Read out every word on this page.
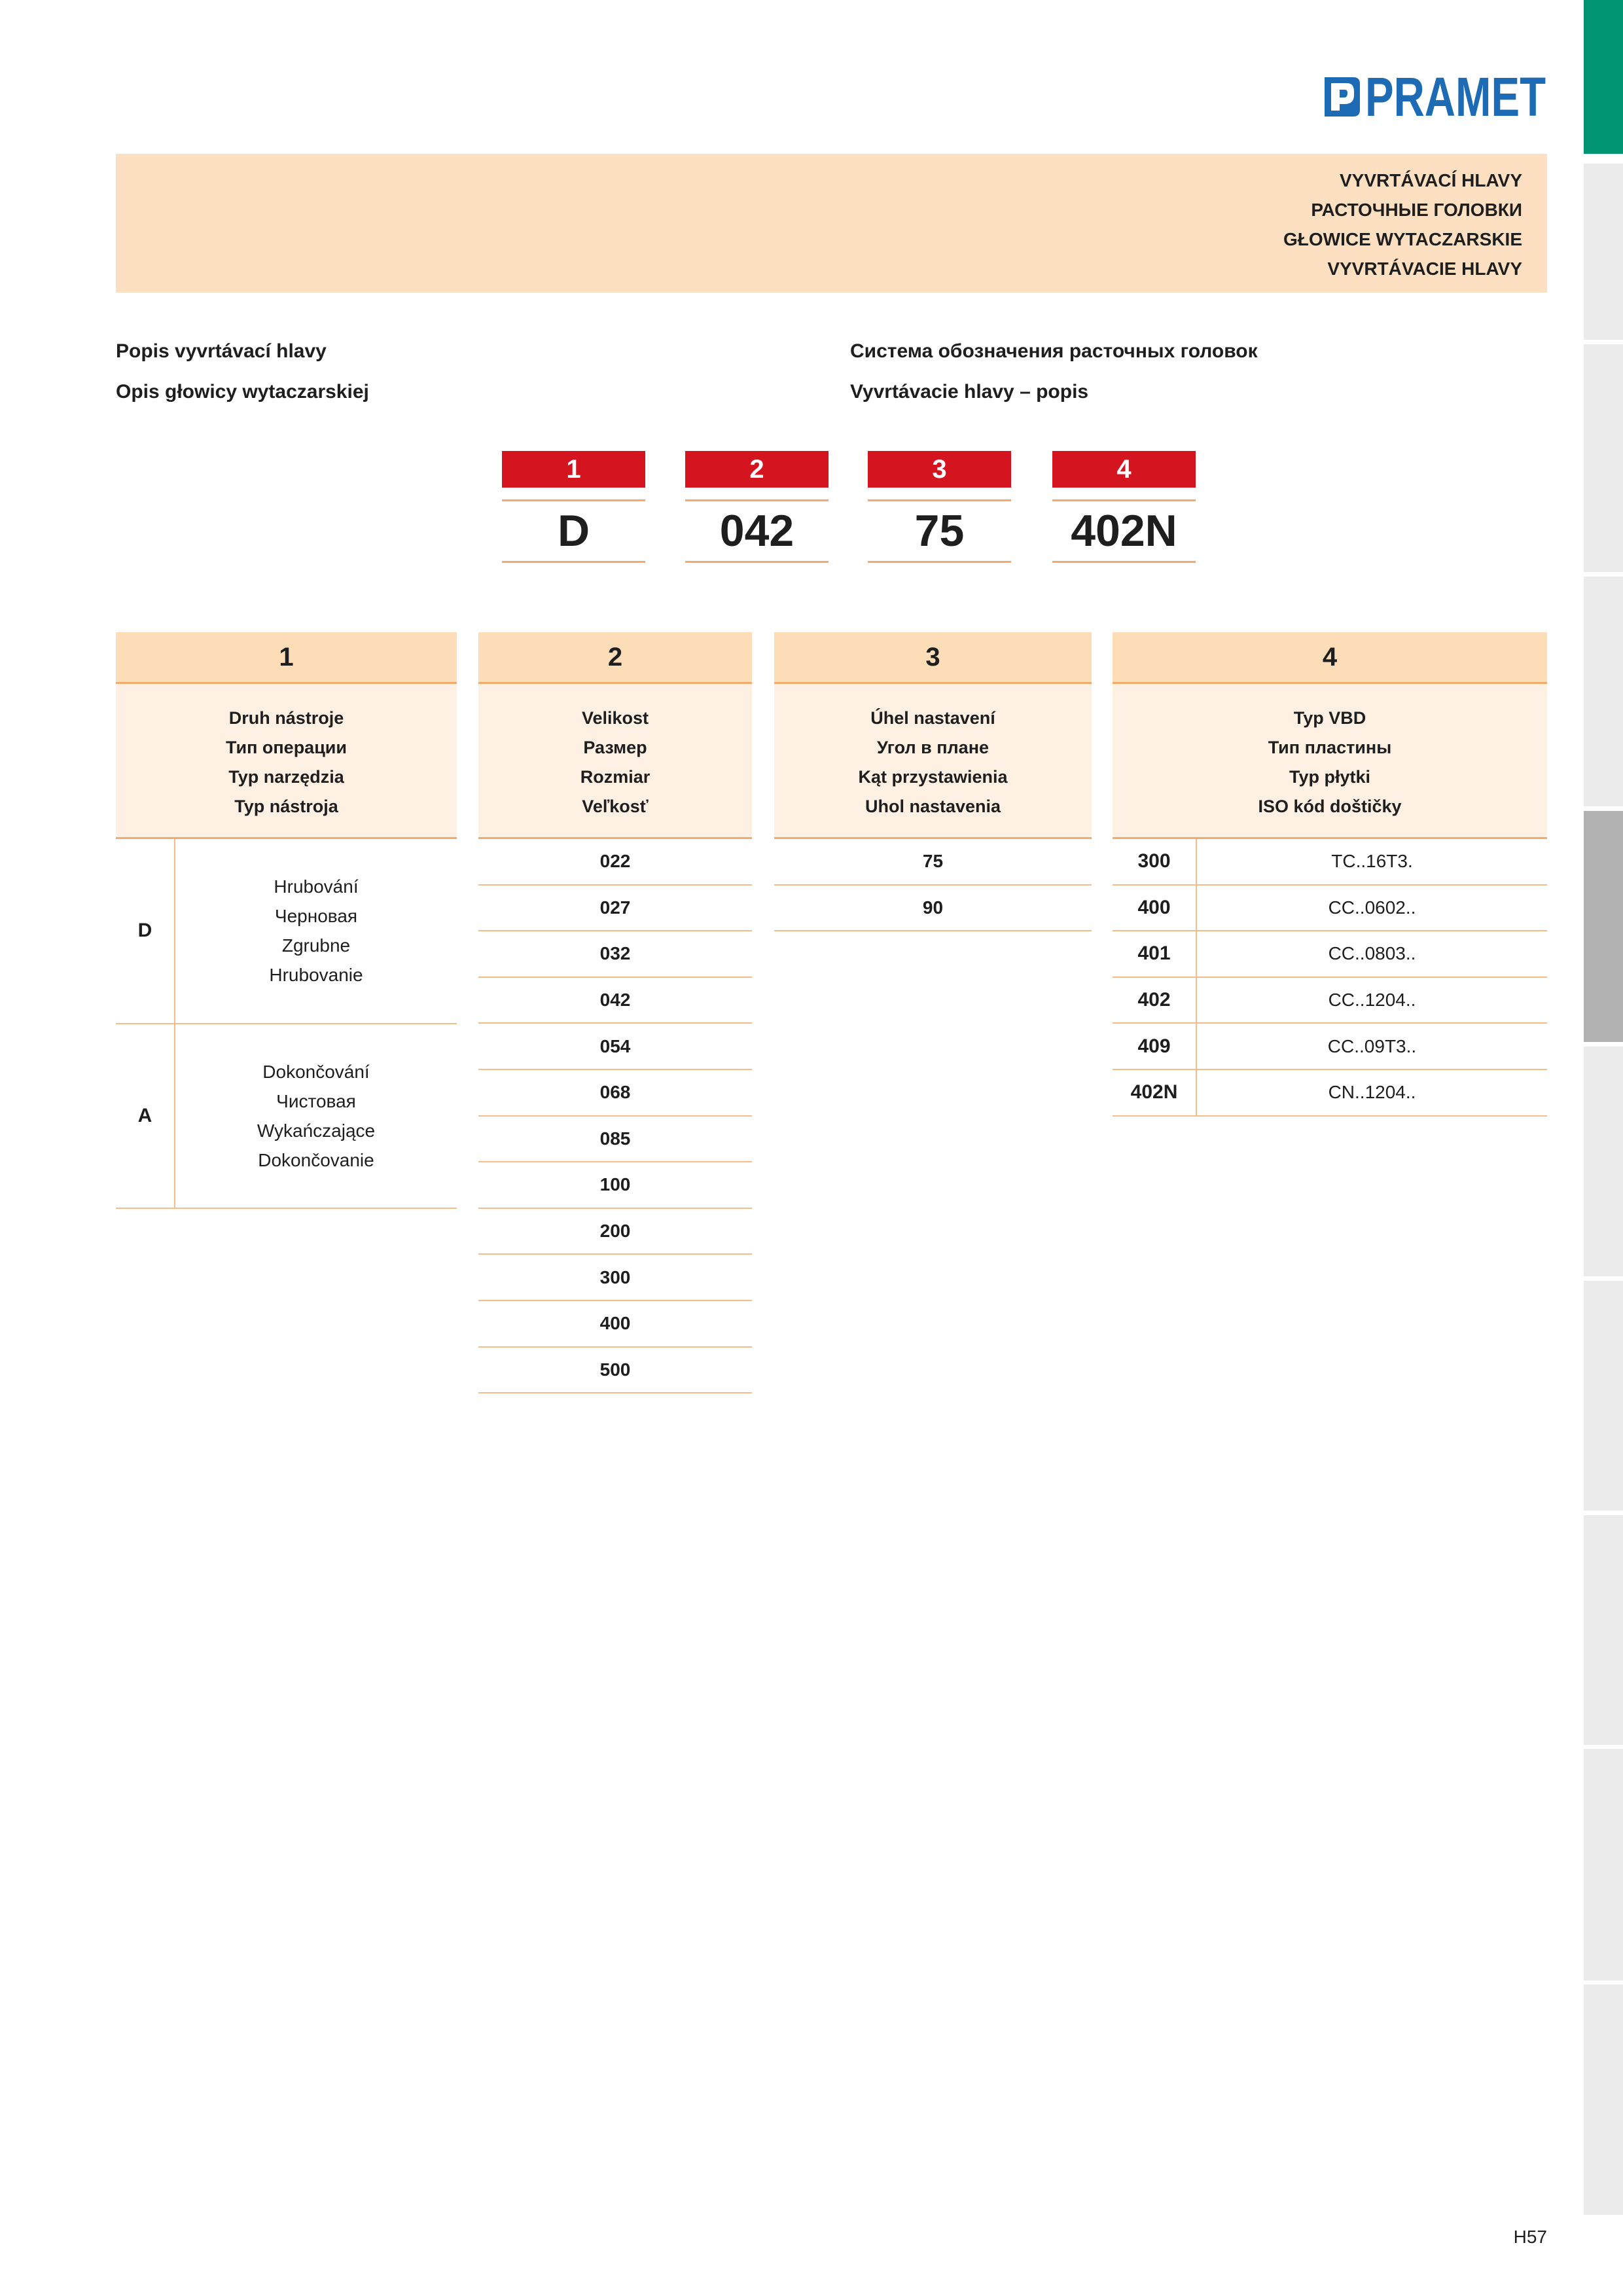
PRAMET
VYVRTÁVACÍ HLAVY
РАСТОЧНЫЕ ГОЛОВКИ
GŁOWICE WYTACZARSKIE
VYVRTÁVACIE HLAVY
Popis vyvrtávací hlavy
Opis głowicy wytaczarskiej
Система обозначения расточных головок
Vyvrtávacie hlavy – popis
1
D
2
042
3
75
4
402N
1
Druh nástroje
Тип операции
Typ narzędzia
Typ nástroja
D
Hrubování
Черновая
Zgrubne
Hrubovanie
A
Dokončování
Чистовая
Wykańczające
Dokončovanie
2
Velikost
Размер
Rozmiar
Veľkosť
022
027
032
042
054
068
085
100
200
300
400
500
3
Úhel nastavení
Угол в плане
Kąt przystawienia
Uhol nastavenia
75
90
4
Typ VBD
Тип пластины
Typ płytki
ISO kód doštičky
300	TC..16T3.
400	CC..0602..
401	CC..0803..
402	CC..1204..
409	CC..09T3..
402N	CN..1204..
H57
